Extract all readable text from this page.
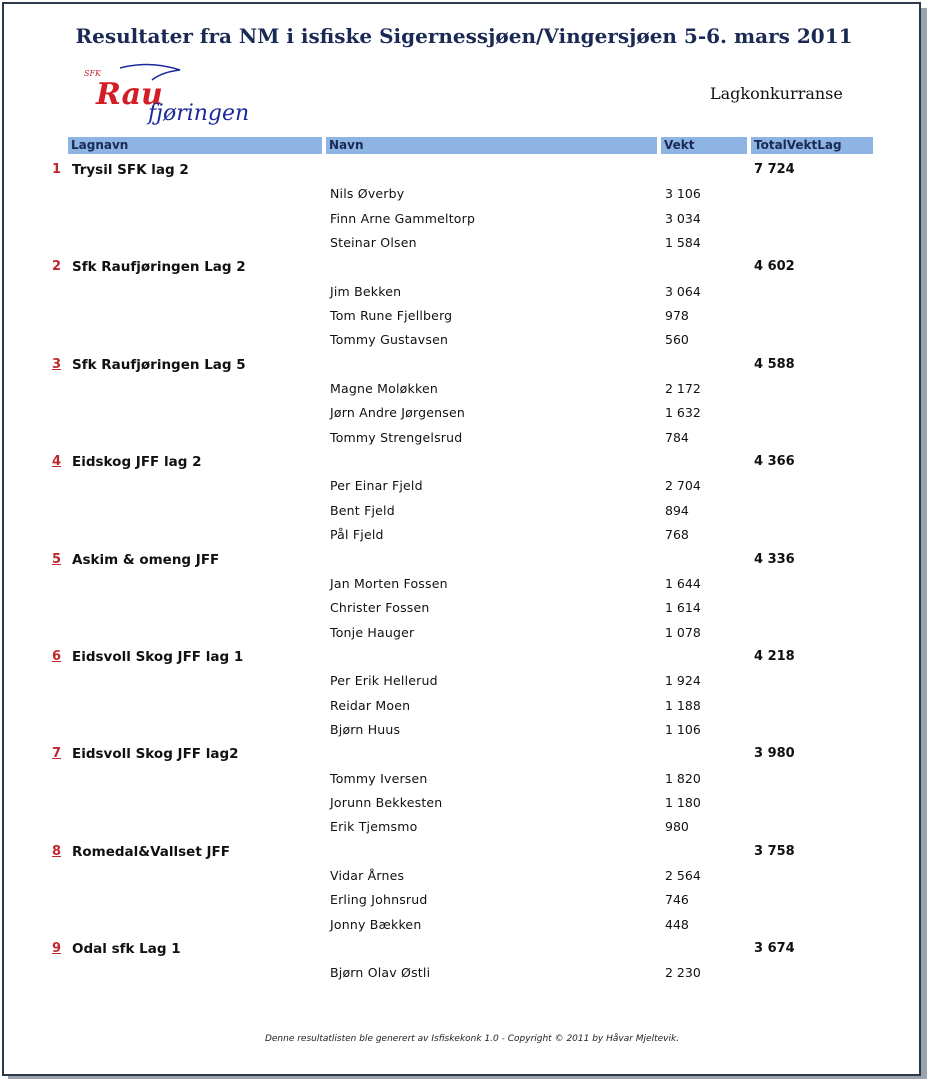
Resultater fra NM i isfiske Sigernessjøen/Vingersjøen 5-6. mars 2011
SFK
Rau
fjøringen
Lagkonkurranse
Lagnavn	Navn	Vekt	TotalVektLag
1 Trysil SFK lag 2	7 724
Nils Øverby	3 106
Finn Arne Gammeltorp	3 034
Steinar Olsen	1 584
2 Sfk Raufjøringen Lag 2	4 602
Jim Bekken	3 064
Tom Rune Fjellberg	978
Tommy Gustavsen	560
3 Sfk Raufjøringen Lag 5	4 588
Magne Moløkken	2 172
Jørn Andre Jørgensen	1 632
Tommy Strengelsrud	784
4 Eidskog JFF lag 2	4 366
Per Einar Fjeld	2 704
Bent Fjeld	894
Pål Fjeld	768
5 Askim & omeng JFF	4 336
Jan Morten Fossen	1 644
Christer Fossen	1 614
Tonje Hauger	1 078
6 Eidsvoll Skog JFF lag 1	4 218
Per Erik Hellerud	1 924
Reidar Moen	1 188
Bjørn Huus	1 106
7 Eidsvoll Skog JFF lag2	3 980
Tommy Iversen	1 820
Jorunn Bekkesten	1 180
Erik Tjemsmo	980
8 Romedal&Vallset JFF	3 758
Vidar Årnes	2 564
Erling Johnsrud	746
Jonny Bækken	448
9 Odal sfk Lag 1	3 674
Bjørn Olav Østli	2 230
Denne resultatlisten ble generert av Isfiskekonk 1.0 - Copyright © 2011 by Håvar Mjeltevik.
